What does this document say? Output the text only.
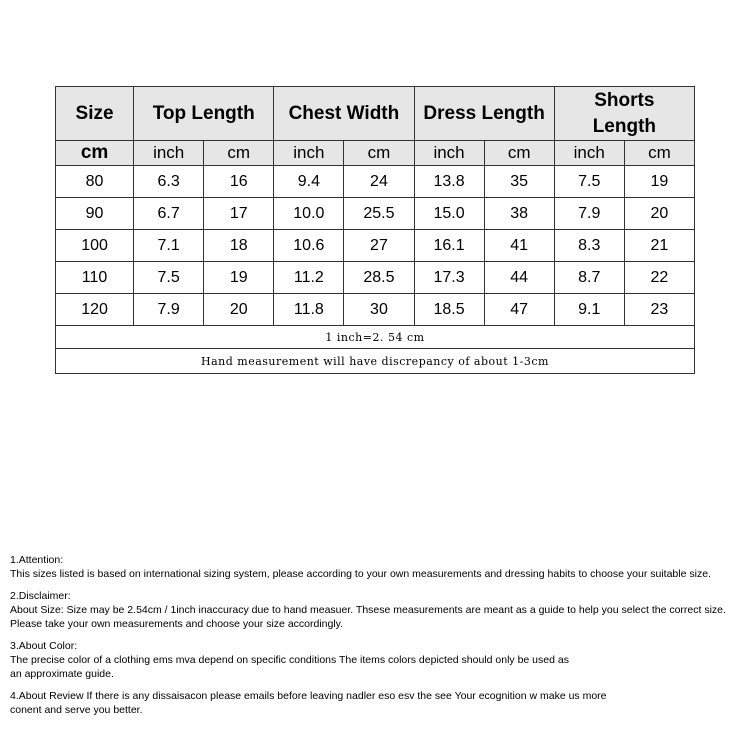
Size	Top Length		Chest Width		Dress Length		Shorts
Length	

cm	inch	cm	inch	cm	inch	cm	inch	cm
80	6.3	16	9.4	24	13.8	35	7.5	19
90	6.7	17	10.0	25.5	15.0	38	7.9	20
100	7.1	18	10.6	27	16.1	41	8.3	21
110	7.5	19	11.2	28.5	17.3	44	8.7	22
120	7.9	20	11.8	30	18.5	47	9.1	23
1 inch=2. 54 cm								
Hand measurement will have discrepancy of about 1-3cm								
1.Attention:
This sizes listed is based on international sizing system, please according to your own measurements and dressing habits to choose your suitable size.
2.Disclaimer:
About Size: Size may be 2.54cm / 1inch inaccuracy due to hand measuer. Thsese measurements are meant as a guide to help you select the correct size.
Please take your own measurements and choose your size accordingly.
3.About Color:
The precise color of a clothing ems mva depend on specific conditions The items colors depicted should only be used as
an approximate guide.
4.About Review If there is any dissaisacon please emails before leaving nadler eso esv the see Your ecognition w make us more
conent and serve you better.
